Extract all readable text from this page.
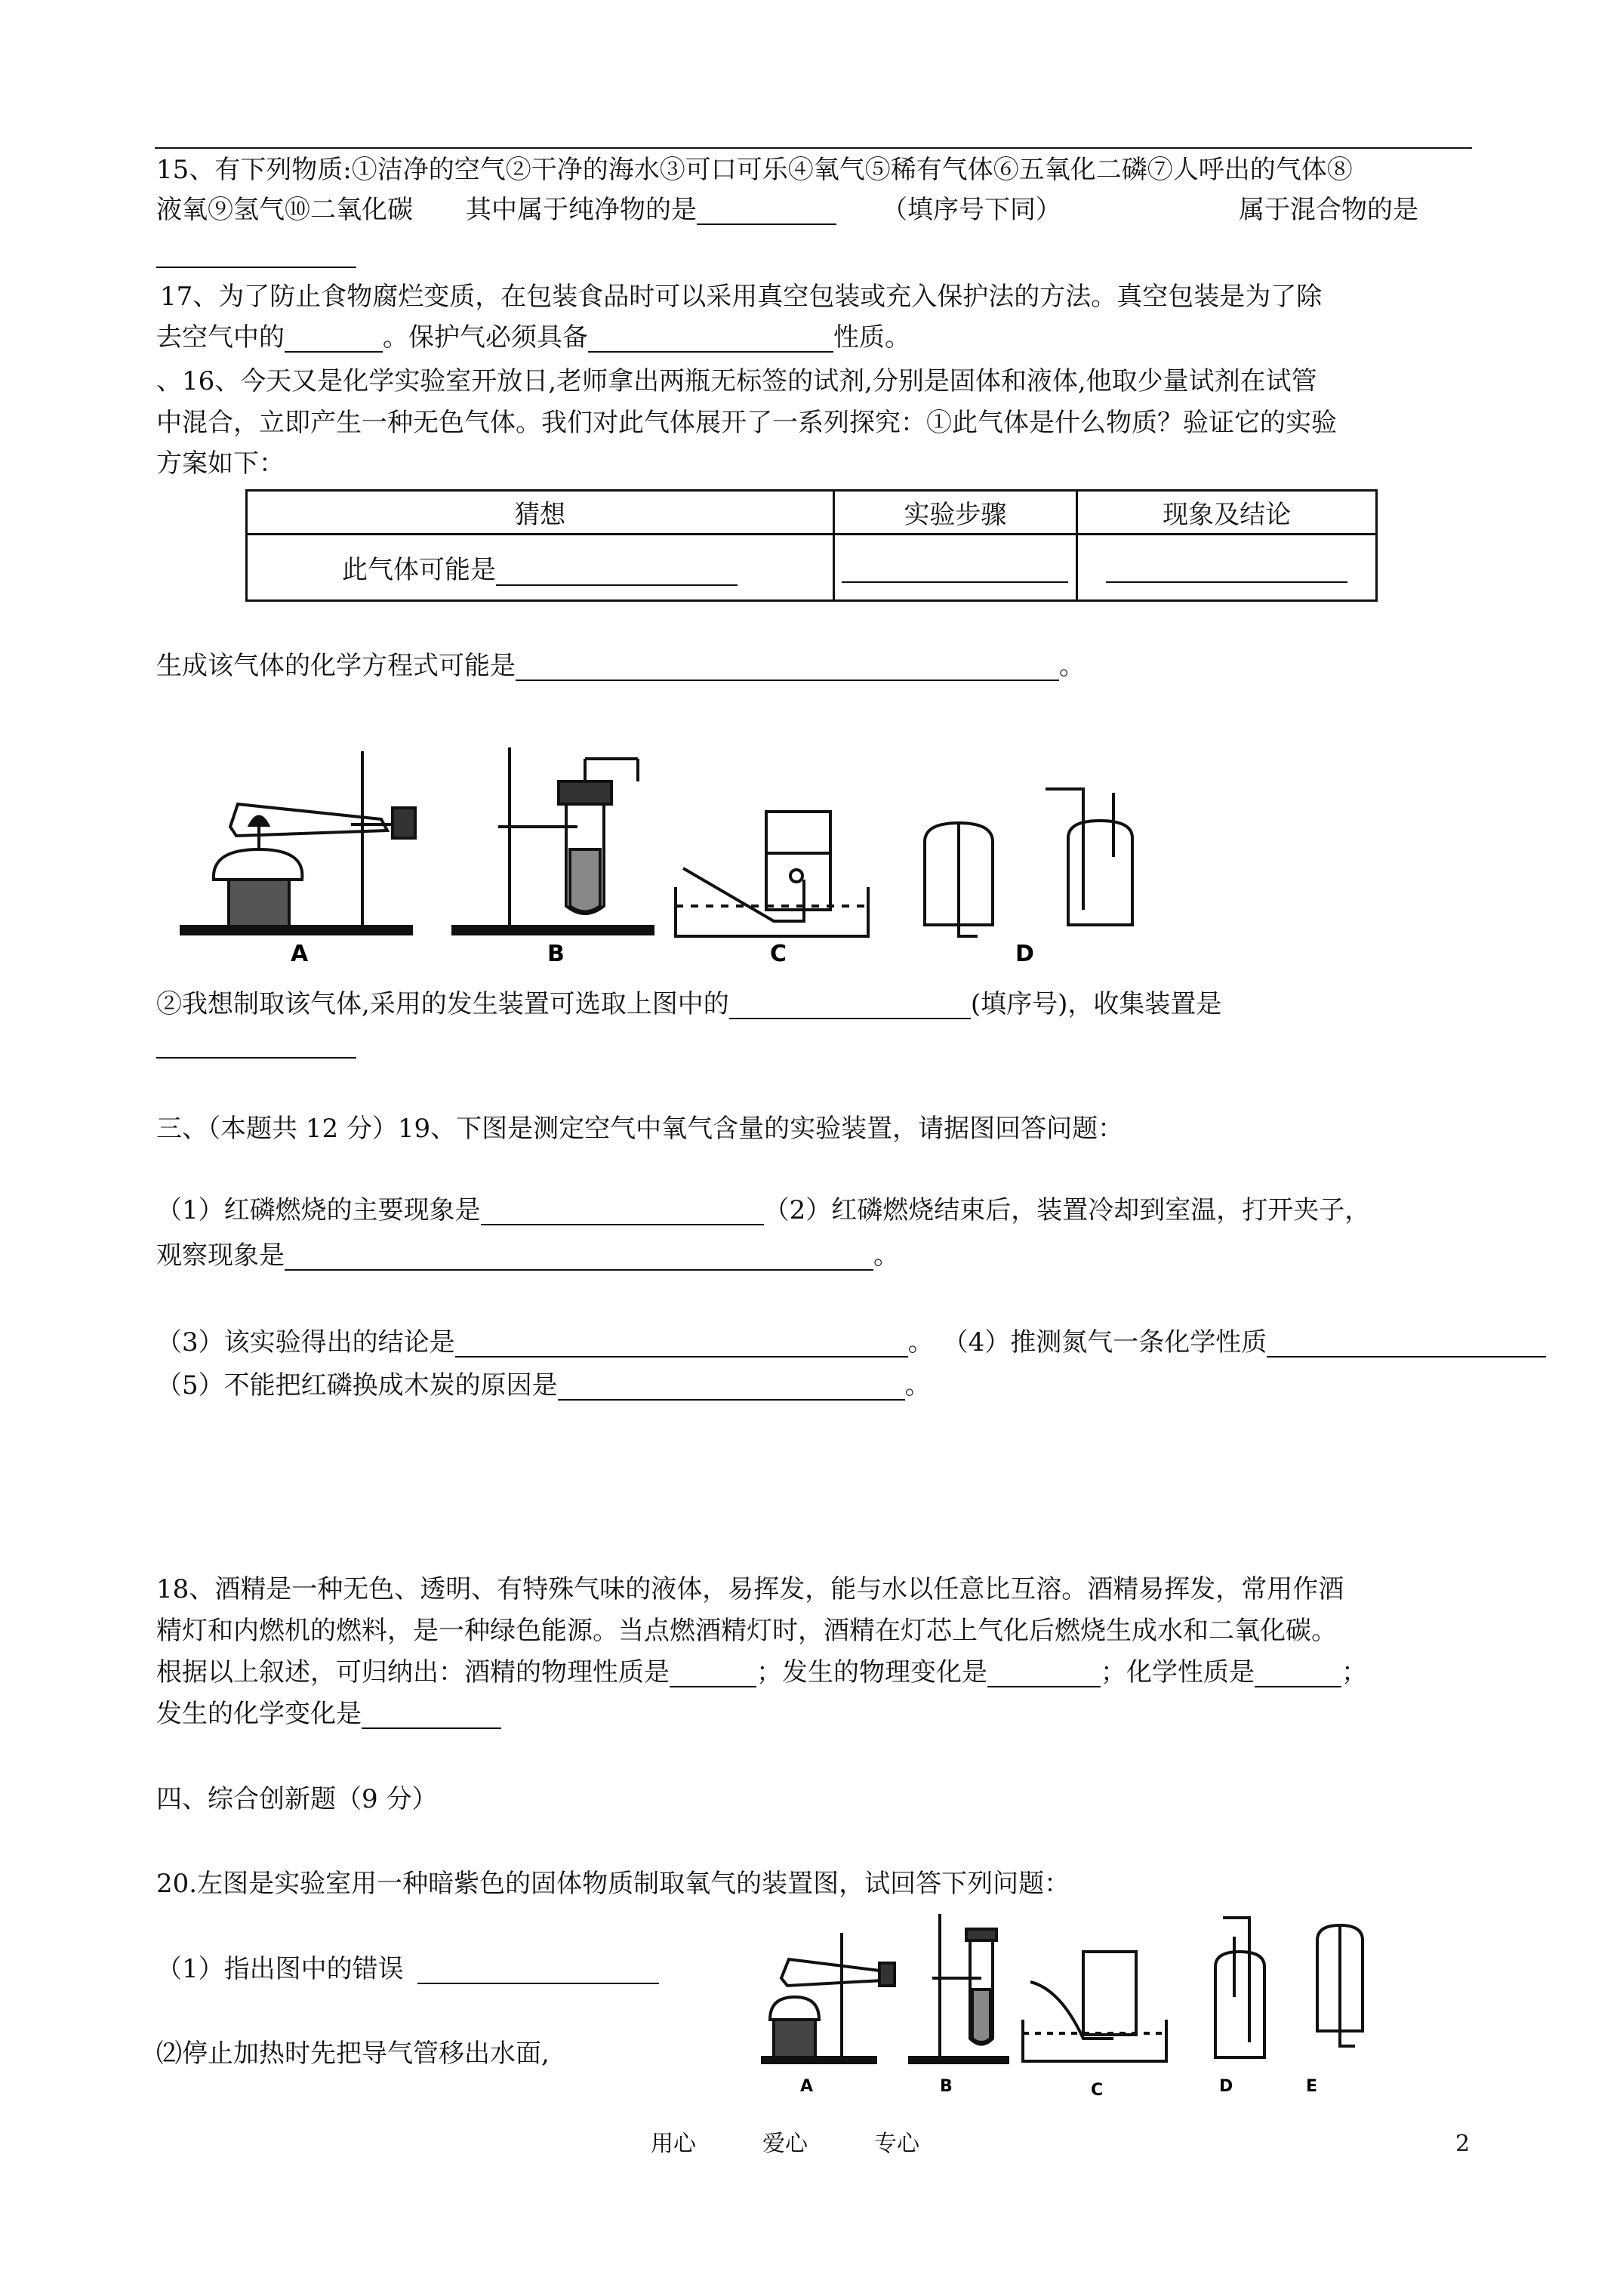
15、有下列物质:①洁净的空气②干净的海水③可口可乐④氧气⑤稀有气体⑥五氧化二磷⑦人呼出的气体⑧
液氧⑨氢气⑩二氧化碳 其中属于纯净物的是	（填序号下同）	属于混合物的是
17、为了防止食物腐烂变质，在包装食品时可以采用真空包装或充入保护法的方法。真空包装是为了除
去空气中的	。保护气必须具备	性质。
、16、今天又是化学实验室开放日,老师拿出两瓶无标签的试剂,分别是固体和液体,他取少量试剂在试管
中混合，立即产生一种无色气体。我们对此气体展开了一系列探究：①此气体是什么物质？验证它的实验
方案如下：
猜想	实验步骤	现象及结论
此气体可能是		
生成该气体的化学方程式可能是	。
A	B	C	D
②我想制取该气体,采用的发生装置可选取上图中的	(填序号)，收集装置是
三、（本题共 12 分）19、下图是测定空气中氧气含量的实验装置，请据图回答问题：
（1）红磷燃烧的主要现象是	（2）红磷燃烧结束后，装置冷却到室温，打开夹子，
观察现象是	。
（3）该实验得出的结论是	。 （4）推测氮气一条化学性质
（5）不能把红磷换成木炭的原因是	。
18、酒精是一种无色、透明、有特殊气味的液体，易挥发，能与水以任意比互溶。酒精易挥发，常用作酒
精灯和内燃机的燃料，是一种绿色能源。当点燃酒精灯时，酒精在灯芯上气化后燃烧生成水和二氧化碳。
根据以上叙述，可归纳出：酒精的物理性质是	；发生的物理变化是	；化学性质是	；
发生的化学变化是
四、综合创新题（9 分）
20.左图是实验室用一种暗紫色的固体物质制取氧气的装置图，试回答下列问题：
（1）指出图中的错误
⑵停止加热时先把导气管移出水面,
A	B	C	D	E
用心	爱心	专心	2
